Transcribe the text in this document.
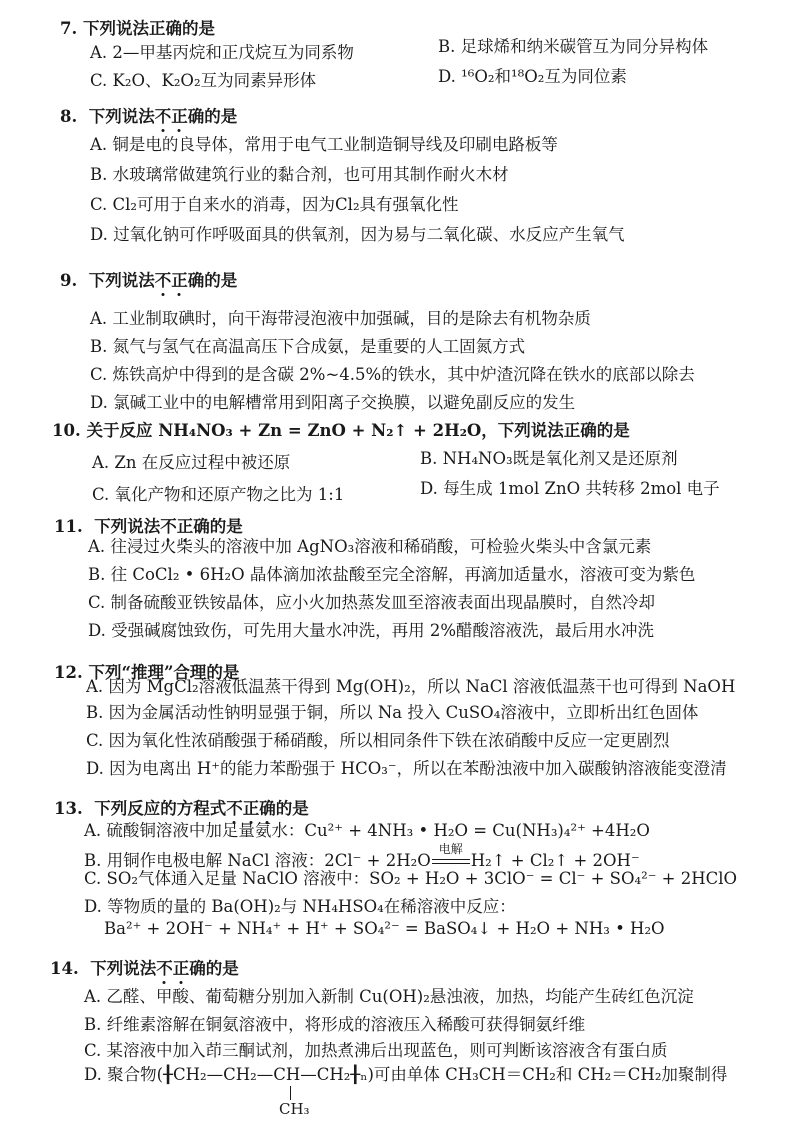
7. 下列说法正确的是
A. 2—甲基丙烷和正戊烷互为同系物	B. 足球烯和纳米碳管互为同分异构体
C. K₂O、K₂O₂互为同素异形体	D. ¹⁶O₂和¹⁸O₂互为同位素
8. 下列说法不
正
确的是
A. 铜是电的良导体，常用于电气工业制造铜导线及印刷电路板等
B. 水玻璃常做建筑行业的黏合剂，也可用其制作耐火木材
C. Cl₂可用于自来水的消毒，因为Cl₂具有强氧化性
D. 过氧化钠可作呼吸面具的供氧剂，因为易与二氧化碳、水反应产生氧气
9. 下列说法不
正
确的是
A. 工业制取碘时，向干海带浸泡液中加强碱，目的是除去有机物杂质
B. 氮气与氢气在高温高压下合成氨，是重要的人工固氮方式
C. 炼铁高炉中得到的是含碳 2%~4.5%的铁水，其中炉渣沉降在铁水的底部以除去
D. 氯碱工业中的电解槽常用到阳离子交换膜，以避免副反应的发生
10. 关于反应 NH₄NO₃ + Zn = ZnO + N₂↑ + 2H₂O，下列说法正确的是
A. Zn 在反应过程中被还原	B. NH₄NO₃既是氧化剂又是还原剂
C. 氧化产物和还原产物之比为 1:1	D. 每生成 1mol ZnO 共转移 2mol 电子
11. 下列说法不
正
确的是
A. 往浸过火柴头的溶液中加 AgNO₃溶液和稀硝酸，可检验火柴头中含氯元素
B. 往 CoCl₂ • 6H₂O 晶体滴加浓盐酸至完全溶解，再滴加适量水，溶液可变为紫色
C. 制备硫酸亚铁铵晶体，应小火加热蒸发皿至溶液表面出现晶膜时，自然冷却
D. 受强碱腐蚀致伤，可先用大量水冲洗，再用 2%醋酸溶液洗，最后用水冲洗
12. 下列“推理”合理的是
A. 因为 MgCl₂溶液低温蒸干得到 Mg(OH)₂，所以 NaCl 溶液低温蒸干也可得到 NaOH
B. 因为金属活动性钠明显强于铜，所以 Na 投入 CuSO₄溶液中，立即析出红色固体
C. 因为氧化性浓硝酸强于稀硝酸，所以相同条件下铁在浓硝酸中反应一定更剧烈
D. 因为电离出 H⁺的能力苯酚强于 HCO₃⁻，所以在苯酚浊液中加入碳酸钠溶液能变澄清
13. 下列反应的方程式不
正
确
的是
A. 硫酸铜溶液中加足量氨水：Cu²⁺ + 4NH₃ • H₂O = Cu(NH₃)₄²⁺ +4H₂O
B. 用铜作电极电解 NaCl 溶液：2Cl⁻ + 2H₂O
电解
H₂↑ + Cl₂↑ + 2OH⁻
C. SO₂气体通入足量 NaClO 溶液中：SO₂ + H₂O + 3ClO⁻ = Cl⁻ + SO₄²⁻ + 2HClO
D. 等物质的量的 Ba(OH)₂与 NH₄HSO₄在稀溶液中反应：
Ba²⁺ + 2OH⁻ + NH₄⁺ + H⁺ + SO₄²⁻ = BaSO₄↓ + H₂O + NH₃ • H₂O
14. 下列说法不
正
确的是
A. 乙醛、甲酸、葡萄糖分别加入新制 Cu(OH)₂悬浊液，加热，均能产生砖红色沉淀
B. 纤维素溶解在铜氨溶液中，将形成的溶液压入稀酸可获得铜氨纤维
C. 某溶液中加入茚三酮试剂，加热煮沸后出现蓝色，则可判断该溶液含有蛋白质
D. 聚合物(╂CH₂—CH₂—CH—CH₂╂ₙ)可由单体 CH₃CH＝CH₂和 CH₂＝CH₂加聚制得
CH₃
